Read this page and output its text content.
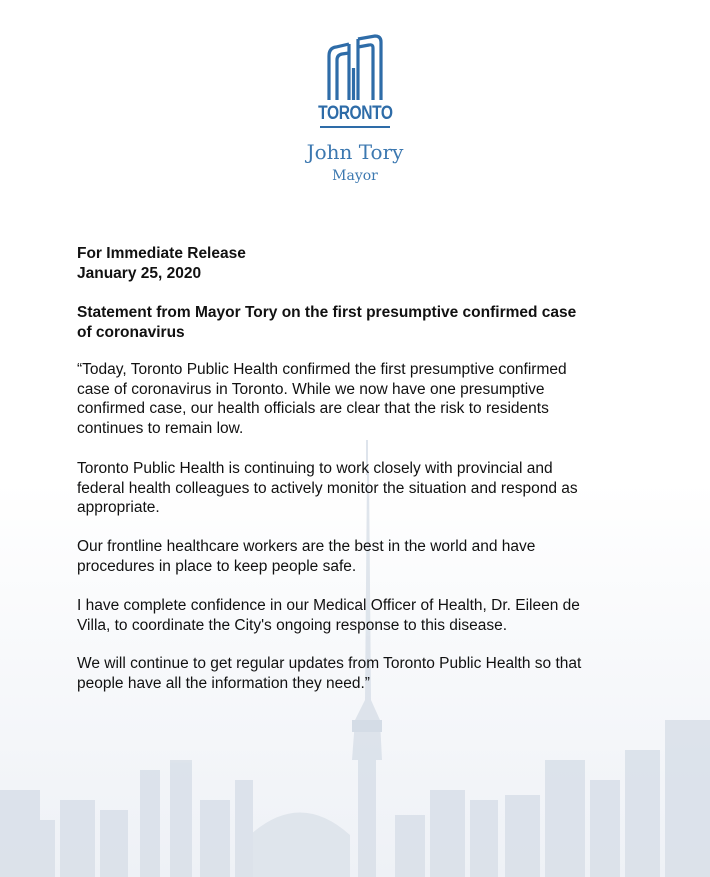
TORONTO
John Tory
Mayor
For Immediate Release
January 25, 2020
Statement from Mayor Tory on the first presumptive confirmed case
of coronavirus
“Today, Toronto Public Health confirmed the first presumptive confirmed
case of coronavirus in Toronto. While we now have one presumptive
confirmed case, our health officials are clear that the risk to residents
continues to remain low.
Toronto Public Health is continuing to work closely with provincial and
federal health colleagues to actively monitor the situation and respond as
appropriate.
Our frontline healthcare workers are the best in the world and have
procedures in place to keep people safe.
I have complete confidence in our Medical Officer of Health, Dr. Eileen de
Villa, to coordinate the City's ongoing response to this disease.
We will continue to get regular updates from Toronto Public Health so that
people have all the information they need.”
